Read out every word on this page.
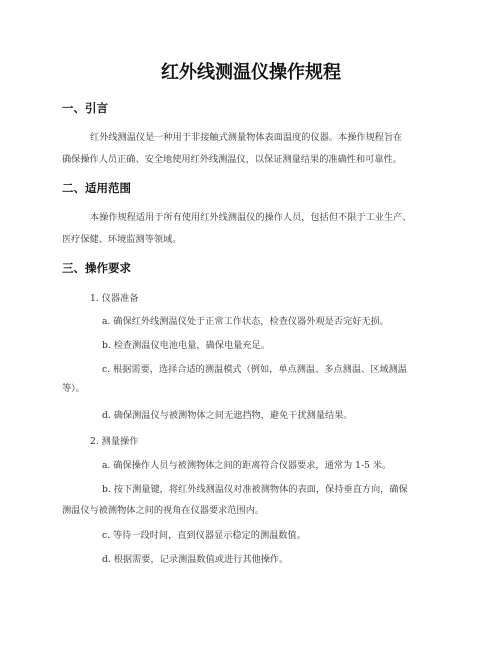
红外线测温仪操作规程
一、引言
红外线测温仪是一种用于非接触式测量物体表面温度的仪器。本操作规程旨在
确保操作人员正确、安全地使用红外线测温仪，以保证测量结果的准确性和可靠性。
二、适用范围
本操作规程适用于所有使用红外线测温仪的操作人员，包括但不限于工业生产、
医疗保健、环境监测等领域。
三、操作要求
1. 仪器准备
a. 确保红外线测温仪处于正常工作状态，检查仪器外观是否完好无损。
b. 检查测温仪电池电量，确保电量充足。
c. 根据需要，选择合适的测温模式（例如，单点测温、多点测温、区域测温
等）。
d. 确保测温仪与被测物体之间无遮挡物，避免干扰测量结果。
2. 测量操作
a. 确保操作人员与被测物体之间的距离符合仪器要求，通常为 1-5 米。
b. 按下测量键，将红外线测温仪对准被测物体的表面，保持垂直方向，确保
测温仪与被测物体之间的视角在仪器要求范围内。
c. 等待一段时间，直到仪器显示稳定的测温数值。
d. 根据需要，记录测温数值或进行其他操作。
